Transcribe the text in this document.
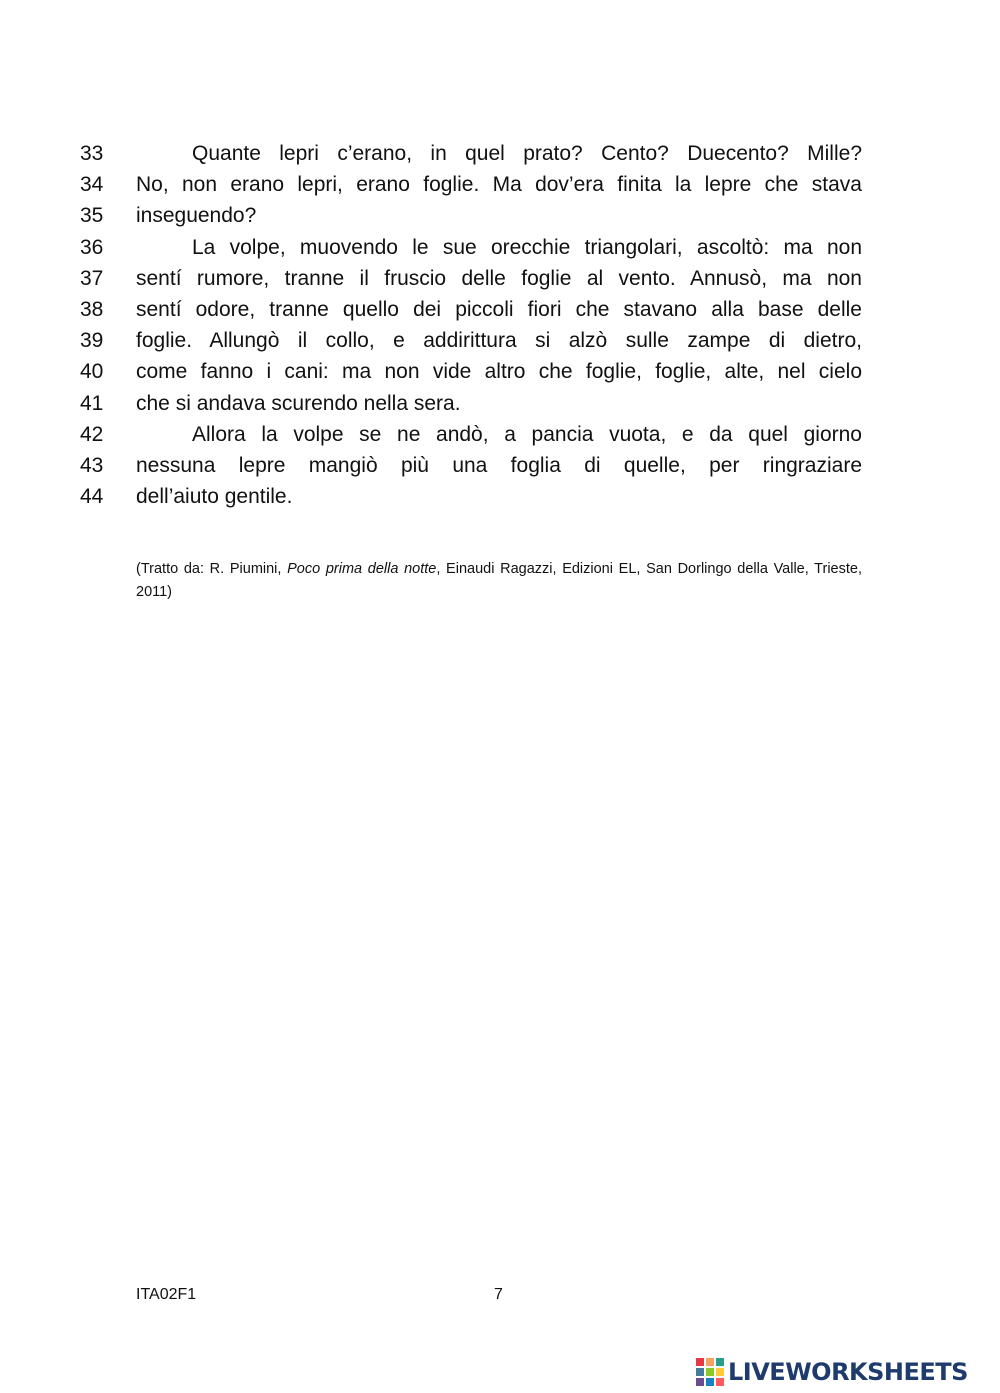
33	Quante lepri c’erano, in quel prato? Cento? Duecento? Mille?
34	No, non erano lepri, erano foglie. Ma dov’era finita la lepre che stava
35	inseguendo?
36	La volpe, muovendo le sue orecchie triangolari, ascoltò: ma non
37	sentí rumore, tranne il fruscio delle foglie al vento. Annusò, ma non
38	sentí odore, tranne quello dei piccoli fiori che stavano alla base delle
39	foglie. Allungò il collo, e addirittura si alzò sulle zampe di dietro,
40	come fanno i cani: ma non vide altro che foglie, foglie, alte, nel cielo
41	che si andava scurendo nella sera.
42	Allora la volpe se ne andò, a pancia vuota, e da quel giorno
43	nessuna lepre mangiò più una foglia di quelle, per ringraziare
44	dell’aiuto gentile.
(Tratto da: R. Piumini, Poco prima della notte, Einaudi Ragazzi, Edizioni EL, San Dorlingo della Valle, Trieste, 2011)
ITA02F1	7
LIVEWORKSHEETS
